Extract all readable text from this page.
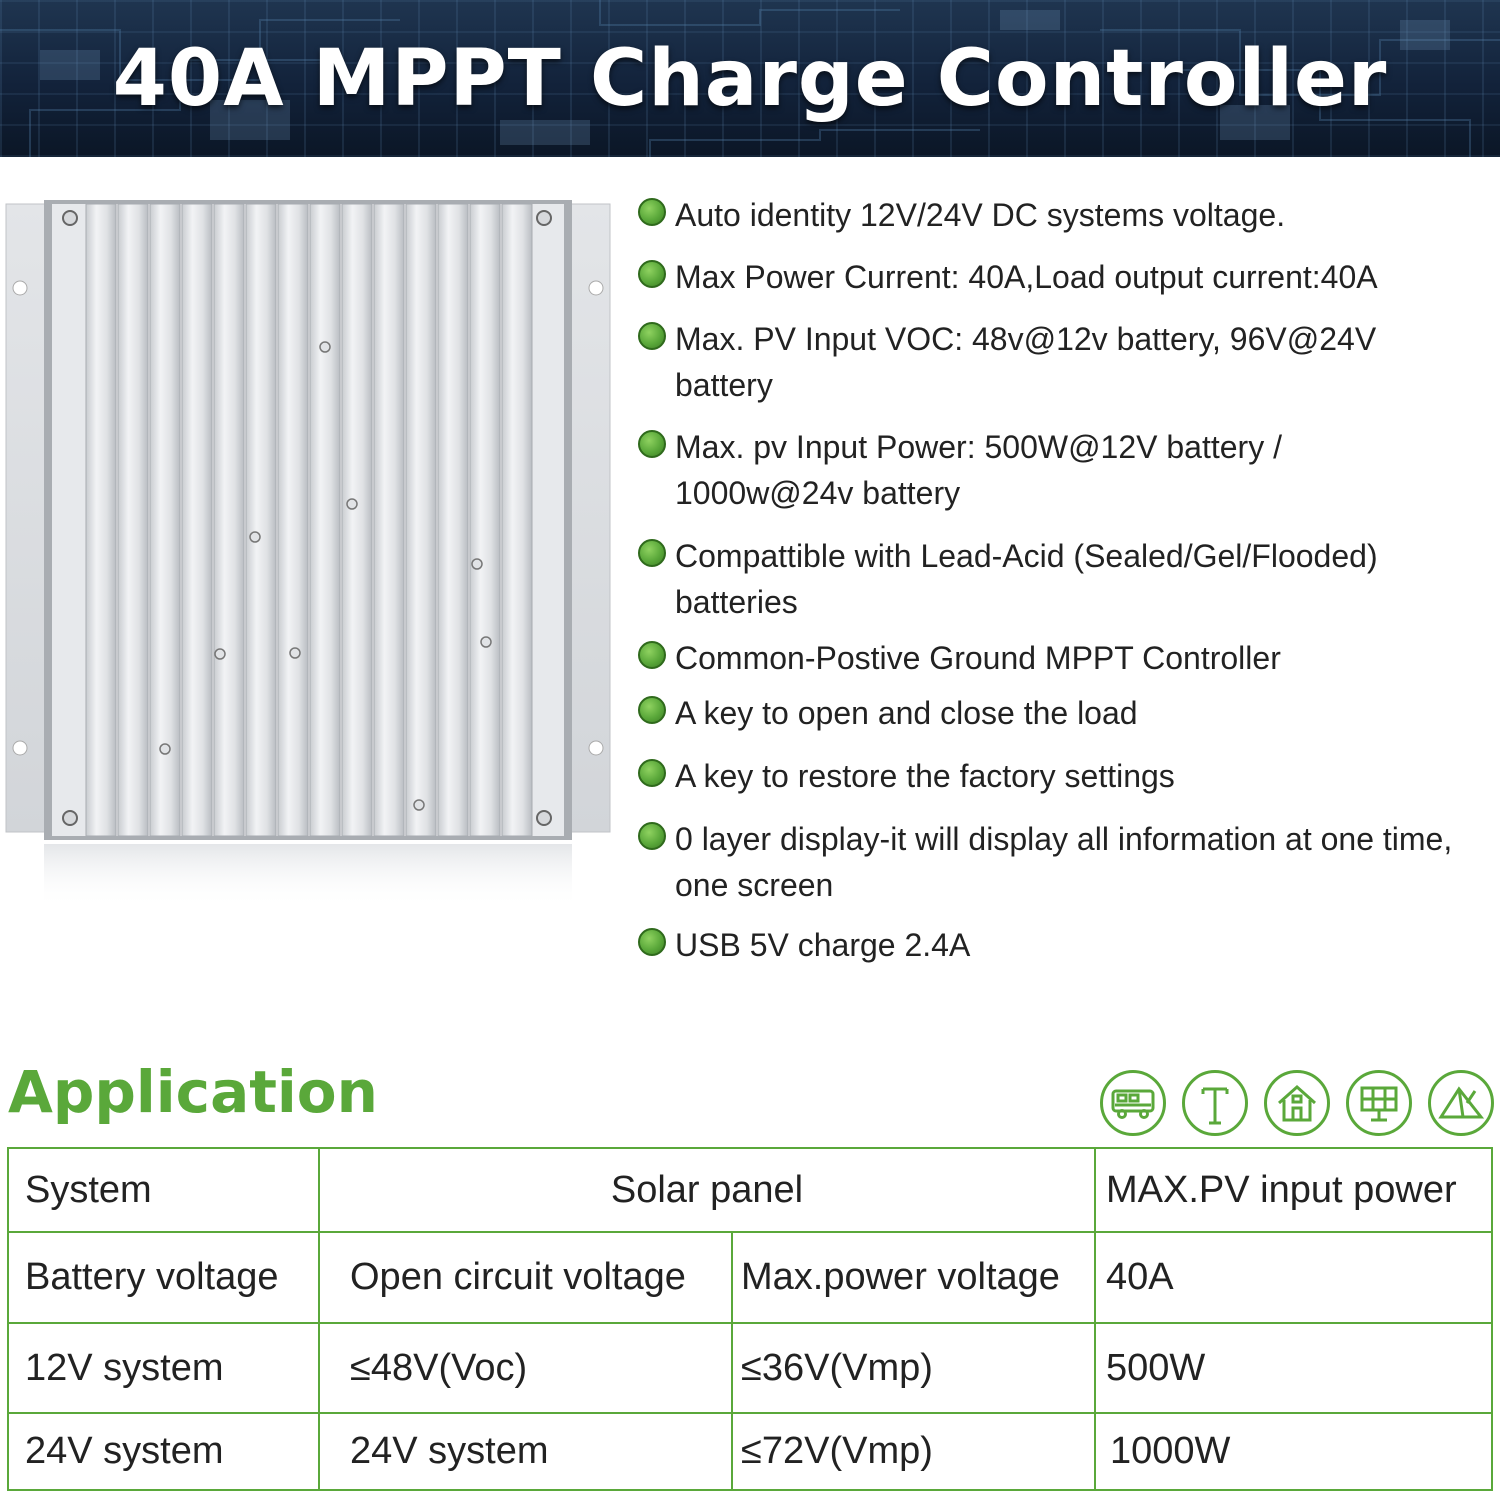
40A MPPT Charge Controller
Auto identity 12V/24V DC systems voltage.
Max Power Current: 40A,Load output current:40A
Max. PV Input VOC: 48v@12v battery, 96V@24V battery
Max. pv Input Power: 500W@12V battery / 1000w@24v battery
Compattible with Lead-Acid (Sealed/Gel/Flooded) batteries
Common-Postive Ground MPPT Controller
A key to open and close the load
A key to restore the factory settings
0 layer display-it will display all information at one time, one screen
USB 5V charge 2.4A
Application
System	Solar panel	MAX.PV input power
Battery voltage	Open circuit voltage	Max.power voltage	40A
12V system	≤48V(Voc)	≤36V(Vmp)	500W
24V system	24V system	≤72V(Vmp)	1000W
